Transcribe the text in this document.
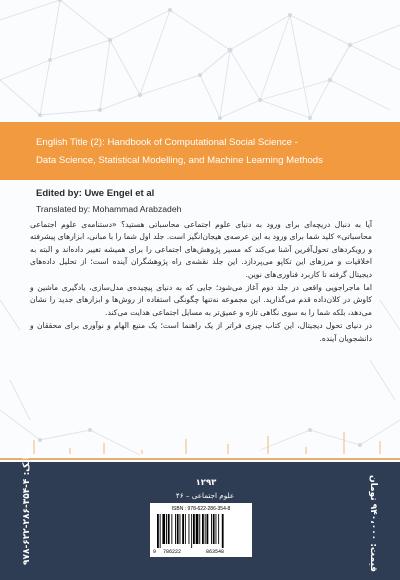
English Title (2): Handbook of Computational Social Science -
Data Science, Statistical Modelling, and Machine Learning Methods
Edited by: Uwe Engel et al
Translated by: Mohammad Arabzadeh

آیا به دنبال دریچه‌ای برای ورود به دنیای علوم اجتماعی محاسباتی هستید؟ «دستنامه‌ی علوم اجتماعی محاسباتی» کلید شما برای ورود به این عرصه‌ی هیجان‌انگیز است. جلد اول شما را با مبانی، ابزارهای پیشرفته و رویکردهای تحول‌آفرین آشنا می‌کند که مسیر پژوهش‌های اجتماعی را برای همیشه تغییر داده‌اند و البته به اخلاقیات و مرزهای این تکاپو می‌پردازد. این جلد نقشه‌ی راه پژوهشگران آینده است؛ از تحلیل داده‌های دیجیتال گرفته تا کاربرد فناوری‌های نوین.

اما ماجراجویی واقعی در جلد دوم آغاز می‌شود؛ جایی که به دنیای پیچیده‌ی مدل‌سازی، یادگیری ماشین و کاوش در کلان‌داده قدم می‌گذارید. این مجموعه نه‌تنها چگونگی استفاده از روش‌ها و ابزارهای جدید را نشان می‌دهد، بلکه شما را به سوی نگاهی تازه و عمیق‌تر به مسایل اجتماعی هدایت می‌کند.

در دنیای تحول دیجیتال، این کتاب چیزی فراتر از یک راهنما است؛ یک منبع الهام و نوآوری برای محققان و دانشجویان آینده.

شابک: ۴-۳۵۴-۲۸۶-۶۲۲-۹۷۸
قیمت: ۹۴۰،۰۰۰ تومان
۱۲۹۳
علوم اجتماعی – ۴۶
ISBN : 978-622-286-354-8
9 786222	863548
